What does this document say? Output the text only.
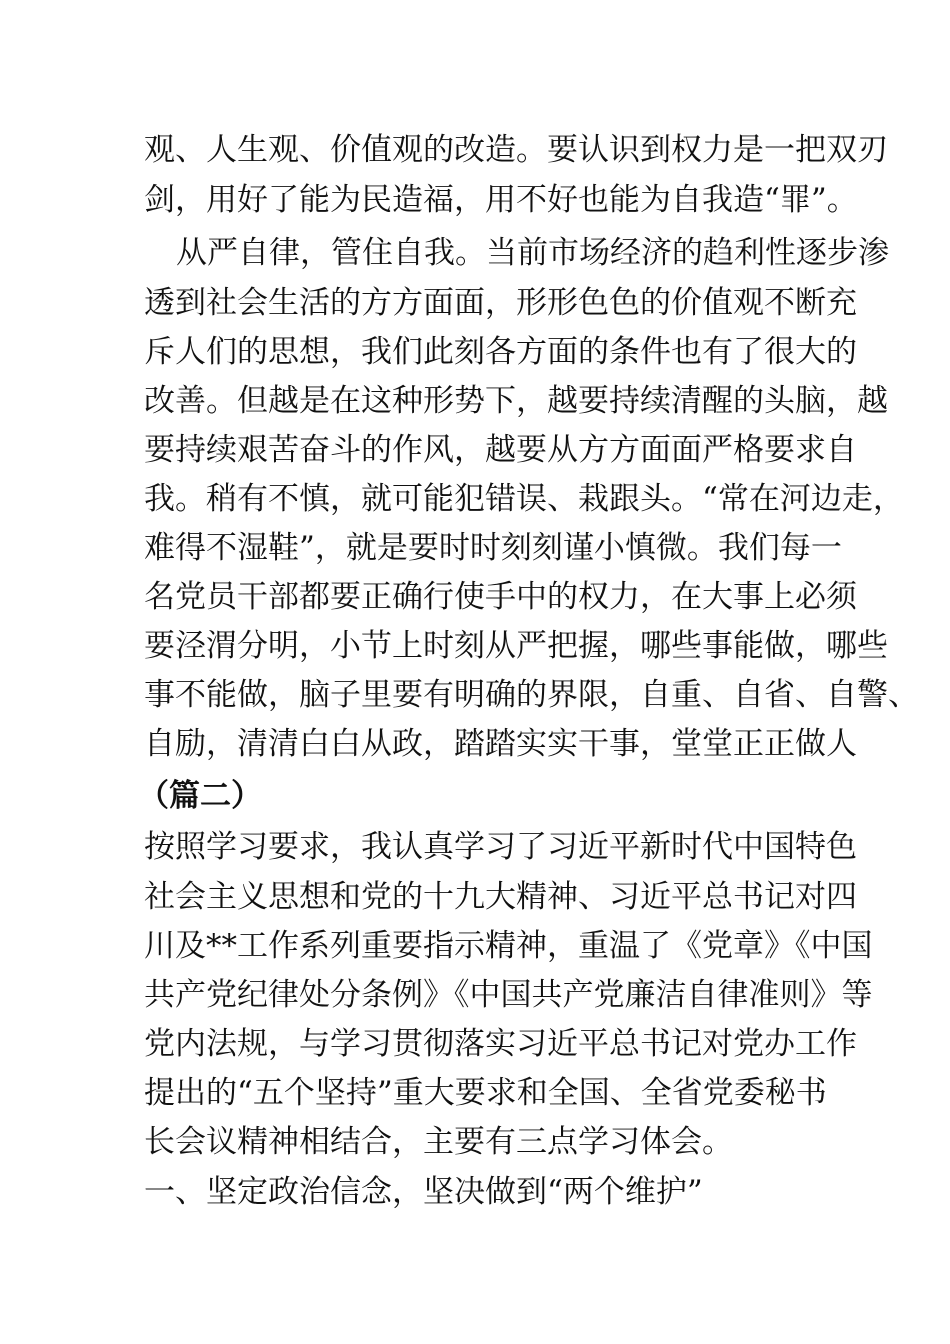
观、人生观、价值观的改造。要认识到权力是一把双刃

剑，用好了能为民造福，用不好也能为自我造“罪”。

从严自律，管住自我。当前市场经济的趋利性逐步渗

透到社会生活的方方面面，形形色色的价值观不断充

斥人们的思想，我们此刻各方面的条件也有了很大的

改善。但越是在这种形势下，越要持续清醒的头脑，越

要持续艰苦奋斗的作风，越要从方方面面严格要求自

我。稍有不慎，就可能犯错误、栽跟头。“常在河边走，

难得不湿鞋”，就是要时时刻刻谨小慎微。我们每一

名党员干部都要正确行使手中的权力，在大事上必须

要泾渭分明，小节上时刻从严把握，哪些事能做，哪些

事不能做，脑子里要有明确的界限，自重、自省、自警、

自励，清清白白从政，踏踏实实干事，堂堂正正做人

（篇二）

按照学习要求，我认真学习了习近平新时代中国特色

社会主义思想和党的十九大精神、习近平总书记对四

川及**工作系列重要指示精神，重温了《党章》《中国

共产党纪律处分条例》《中国共产党廉洁自律准则》等

党内法规，与学习贯彻落实习近平总书记对党办工作

提出的“五个坚持”重大要求和全国、全省党委秘书

长会议精神相结合，主要有三点学习体会。

一、坚定政治信念，坚决做到“两个维护”
